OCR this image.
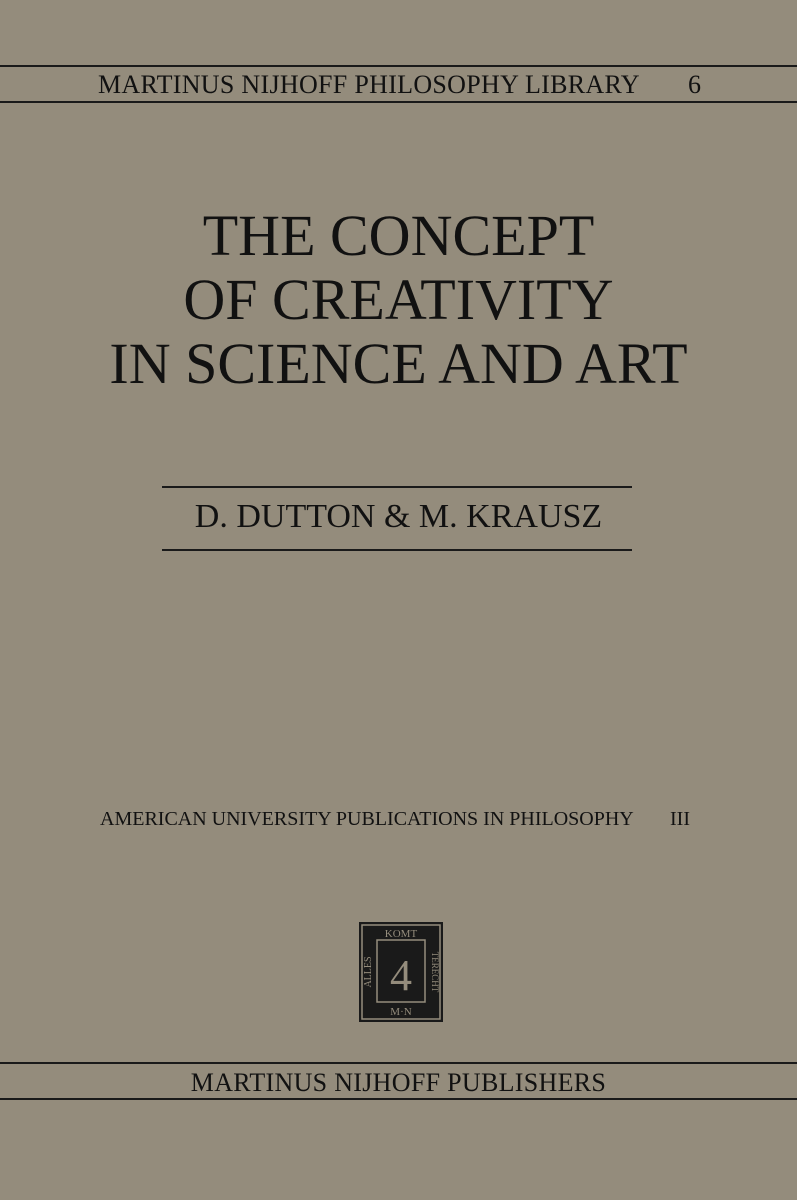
MARTINUS NIJHOFF PHILOSOPHY LIBRARY 6
THE CONCEPT
OF CREATIVITY
IN SCIENCE AND ART
D. DUTTON & M. KRAUSZ
AMERICAN UNIVERSITY PUBLICATIONS IN PHILOSOPHY III
KOMT
M·N
ALLES	TERECHT
4
MARTINUS NIJHOFF PUBLISHERS
